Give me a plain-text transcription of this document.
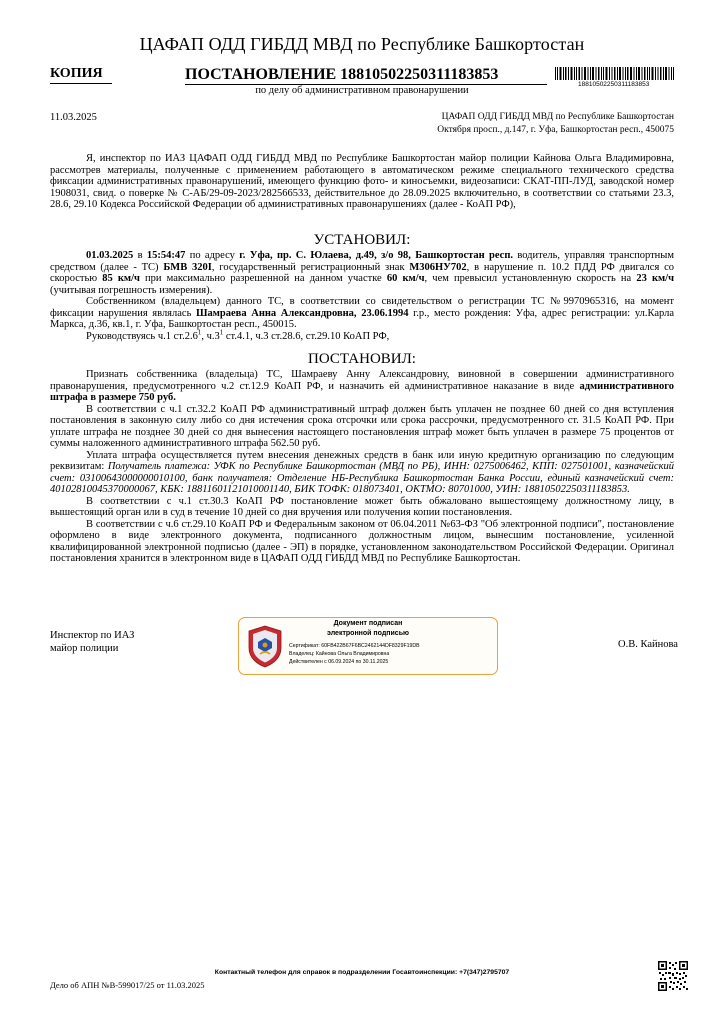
ЦАФАП ОДД ГИБДД МВД по Республике Башкортостан
КОПИЯ	ПОСТАНОВЛЕНИЕ 18810502250311183853
18810502250311183853
по делу об административном правонарушении
11.03.2025	ЦАФАП ОДД ГИБДД МВД по Республике Башкортостан
Октября просп., д.147, г. Уфа, Башкортостан респ., 450075
Я, инспектор по ИАЗ ЦАФАП ОДД ГИБДД МВД по Республике Башкортостан майор полиции Кайнова Ольга Владимировна, рассмотрев материалы, полученные с применением работающего в автоматическом режиме специального технического средства фиксации административных правонарушений, имеющего функцию фото- и киносъемки, видеозаписи: СКАТ-ПП-ЛУД, заводской номер 1908031, свид. о поверке № С-АБ/29-09-2023/282566533, действительное до 28.09.2025 включительно, в соответствии со статьями 23.3, 28.6, 29.10 Кодекса Российской Федерации об административных правонарушениях (далее - КоАП РФ),
УСТАНОВИЛ:

01.03.2025 в 15:54:47 по адресу г. Уфа, пр. С. Юлаева, д.49, з/о 98, Башкортостан респ. водитель, управляя транспортным средством (далее - ТС) БМВ 320I, государственный регистрационный знак М306НУ702, в нарушение п. 10.2 ПДД РФ двигался со скоростью 85 км/ч при максимально разрешенной на данном участке 60 км/ч, чем превысил установленную скорость на 23 км/ч (учитывая погрешность измерения).

Собственником (владельцем) данного ТС, в соответствии со свидетельством о регистрации ТС №9970965316, на момент фиксации нарушения являлась Шамраева Анна Александровна, 23.06.1994 г.р., место рождения: Уфа, адрес регистрации: ул.Карла Маркса, д.36, кв.1, г. Уфа, Башкортостан респ., 450015.

Руководствуясь ч.1 ст.2.6$^1$, $ч.3^1$ ст.4.1, ч.3 ст.28.6, ст.29.10 КоАП РФ,

ПОСТАНОВИЛ:

Признать собственника (владельца) ТС, Шамраеву Анну Александровну, виновной в совершении административного правонарушения, предусмотренного ч.2 ст.12.9 КоАП РФ, и назначить ей административное наказание в виде административного штрафа в размере 750 руб.

В соответствии с ч.1 ст.32.2 КоАП РФ административный штраф должен быть уплачен не позднее 60 дней со дня вступления постановления в законную силу либо со дня истечения срока отсрочки или срока рассрочки, предусмотренного ст. 31.5 КоАП РФ. При уплате штрафа не позднее 30 дней со дня вынесения настоящего постановления штраф может быть уплачен в размере 75 процентов от суммы наложенного административного штрафа 562.50 руб.

Уплата штрафа осуществляется путем внесения денежных средств в банк или иную кредитную организацию по следующим реквизитам: Получатель платежа: УФК по Республике Башкортостан (МВД по РБ), ИНН: 0275006462, КПП: 027501001, казначейский счет: 03100643000000010100, банк получателя: Отделение НБ-Республика Башкортостан Банка России, единый казначейский счет: 40102810045370000067, КБК: 18811601121010001140, БИК ТОФК: 018073401, ОКТМО: 80701000, УИН: 18810502250311183853.

В соответствии с ч.1 ст.30.3 КоАП РФ постановление может быть обжаловано вышестоящему должностному лицу, в вышестоящий орган или в суд в течение 10 дней со дня вручения или получения копии постановления.

В соответствии с ч.6 ст.29.10 КоАП РФ и Федеральным законом от 06.04.2011 №63-ФЗ "Об электронной подписи", постановление оформлено в виде электронного документа, подписанного должностным лицом, вынесшим постановление, усиленной квалифицированной электронной подписью (далее - ЭП) в порядке, установленном законодательством Российской Федерации. Оригинал постановления хранится в электронном виде в ЦАФАП ОДД ГИБДД МВД по Республике Башкортостан.

Инспектор по ИАЗ
майор полиции
Документ подписан
электронной подписью
Сертификат: 60FB422B67F6BC2462144DF8329F19DB
Владелец: Кайнова Ольга Владимировна
Действителен с 06.09.2024 по 30.11.2025
О.В. Кайнова
Контактный телефон для справок в подразделении Госавтоинспекции: +7(347)2795707
Дело об АПН №В-599017/25 от 11.03.2025
